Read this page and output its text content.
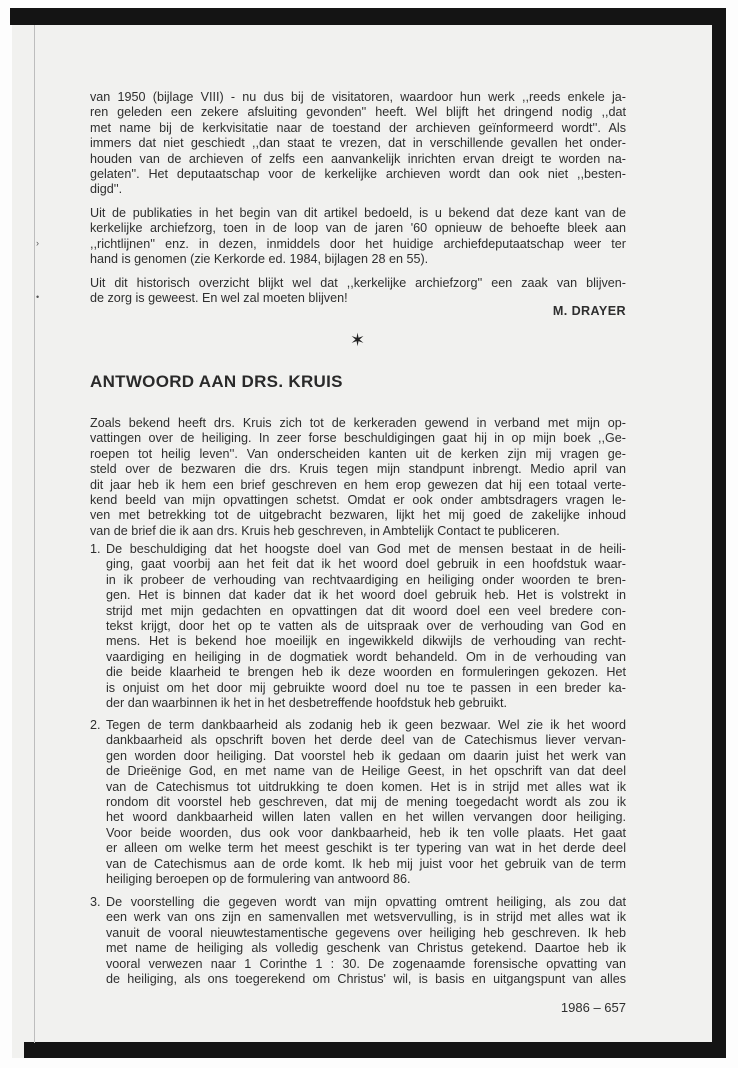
›
•
van 1950 (bijlage VIII) - nu dus bij de visitatoren, waardoor hun werk ,,reeds enkele ja-
ren geleden een zekere afsluiting gevonden'' heeft. Wel blijft het dringend nodig ,,dat
met name bij de kerkvisitatie naar de toestand der archieven geïnformeerd wordt''. Als
immers dat niet geschiedt ,,dan staat te vrezen, dat in verschillende gevallen het onder-
houden van de archieven of zelfs een aanvankelijk inrichten ervan dreigt te worden na-
gelaten''. Het deputaatschap voor de kerkelijke archieven wordt dan ook niet ,,besten-
digd''.
Uit de publikaties in het begin van dit artikel bedoeld, is u bekend dat deze kant van de
kerkelijke archiefzorg, toen in de loop van de jaren '60 opnieuw de behoefte bleek aan
,,richtlijnen'' enz. in dezen, inmiddels door het huidige archiefdeputaatschap weer ter
hand is genomen (zie Kerkorde ed. 1984, bijlagen 28 en 55).
Uit dit historisch overzicht blijkt wel dat ,,kerkelijke archiefzorg'' een zaak van blijven-
de zorg is geweest. En wel zal moeten blijven!
M. DRAYER
✶
ANTWOORD AAN DRS. KRUIS
Zoals bekend heeft drs. Kruis zich tot de kerkeraden gewend in verband met mijn op-
vattingen over de heiliging. In zeer forse beschuldigingen gaat hij in op mijn boek ,,Ge-
roepen tot heilig leven''. Van onderscheiden kanten uit de kerken zijn mij vragen ge-
steld over de bezwaren die drs. Kruis tegen mijn standpunt inbrengt. Medio april van
dit jaar heb ik hem een brief geschreven en hem erop gewezen dat hij een totaal verte-
kend beeld van mijn opvattingen schetst. Omdat er ook onder ambtsdragers vragen le-
ven met betrekking tot de uitgebracht bezwaren, lijkt het mij goed de zakelijke inhoud
van de brief die ik aan drs. Kruis heb geschreven, in Ambtelijk Contact te publiceren.
1. De beschuldiging dat het hoogste doel van God met de mensen bestaat in de heili-
ging, gaat voorbij aan het feit dat ik het woord doel gebruik in een hoofdstuk waar-
in ik probeer de verhouding van rechtvaardiging en heiliging onder woorden te bren-
gen. Het is binnen dat kader dat ik het woord doel gebruik heb. Het is volstrekt in
strijd met mijn gedachten en opvattingen dat dit woord doel een veel bredere con-
tekst krijgt, door het op te vatten als de uitspraak over de verhouding van God en
mens. Het is bekend hoe moeilijk en ingewikkeld dikwijls de verhouding van recht-
vaardiging en heiliging in de dogmatiek wordt behandeld. Om in de verhouding van
die beide klaarheid te brengen heb ik deze woorden en formuleringen gekozen. Het
is onjuist om het door mij gebruikte woord doel nu toe te passen in een breder ka-
der dan waarbinnen ik het in het desbetreffende hoofdstuk heb gebruikt.
2. Tegen de term dankbaarheid als zodanig heb ik geen bezwaar. Wel zie ik het woord
dankbaarheid als opschrift boven het derde deel van de Catechismus liever vervan-
gen worden door heiliging. Dat voorstel heb ik gedaan om daarin juist het werk van
de Drieënige God, en met name van de Heilige Geest, in het opschrift van dat deel
van de Catechismus tot uitdrukking te doen komen. Het is in strijd met alles wat ik
rondom dit voorstel heb geschreven, dat mij de mening toegedacht wordt als zou ik
het woord dankbaarheid willen laten vallen en het willen vervangen door heiliging.
Voor beide woorden, dus ook voor dankbaarheid, heb ik ten volle plaats. Het gaat
er alleen om welke term het meest geschikt is ter typering van wat in het derde deel
van de Catechismus aan de orde komt. Ik heb mij juist voor het gebruik van de term
heiliging beroepen op de formulering van antwoord 86.
3. De voorstelling die gegeven wordt van mijn opvatting omtrent heiliging, als zou dat
een werk van ons zijn en samenvallen met wetsvervulling, is in strijd met alles wat ik
vanuit de vooral nieuwtestamentische gegevens over heiliging heb geschreven. Ik heb
met name de heiliging als volledig geschenk van Christus getekend. Daartoe heb ik
vooral verwezen naar 1 Corinthe 1 : 30. De zogenaamde forensische opvatting van
de heiliging, als ons toegerekend om Christus' wil, is basis en uitgangspunt van alles
1986 – 657
